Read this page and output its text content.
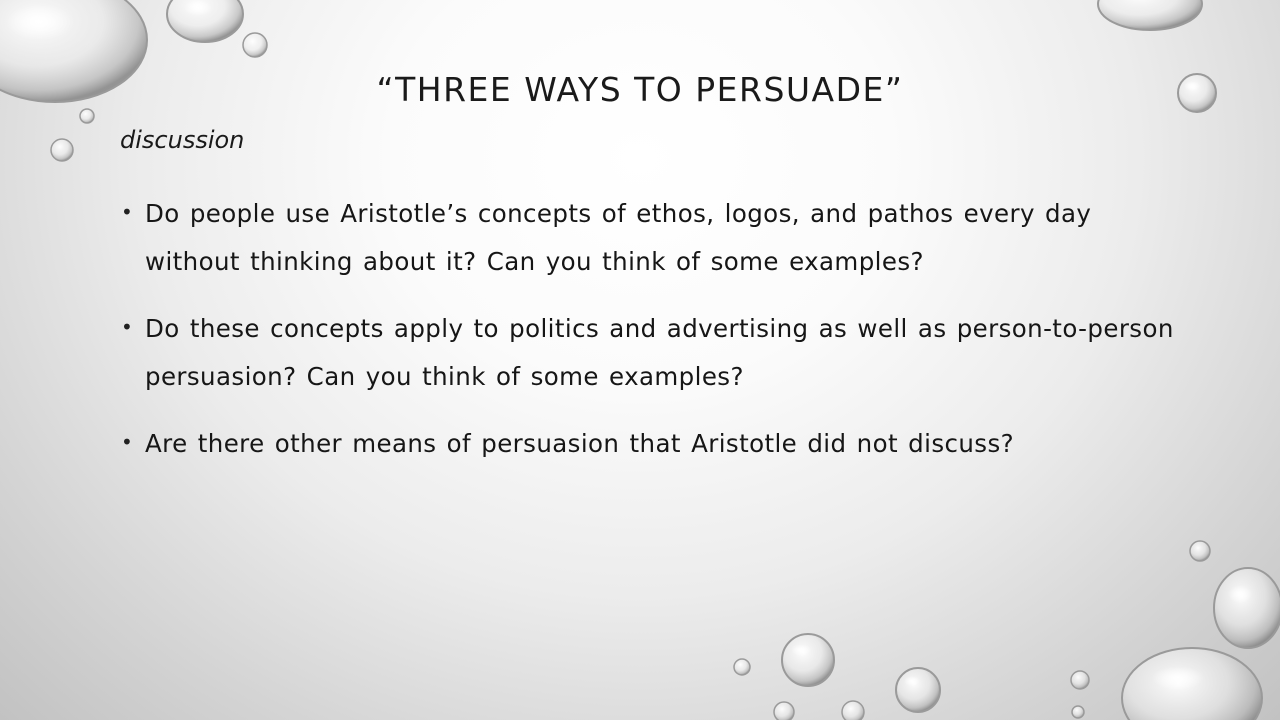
“THREE WAYS TO PERSUADE”
discussion
• Do people use Aristotle’s concepts of ethos, logos, and pathos every day without thinking about it? Can you think of some examples?
• Do these concepts apply to politics and advertising as well as person-to-person persuasion? Can you think of some examples?
• Are there other means of persuasion that Aristotle did not discuss?
